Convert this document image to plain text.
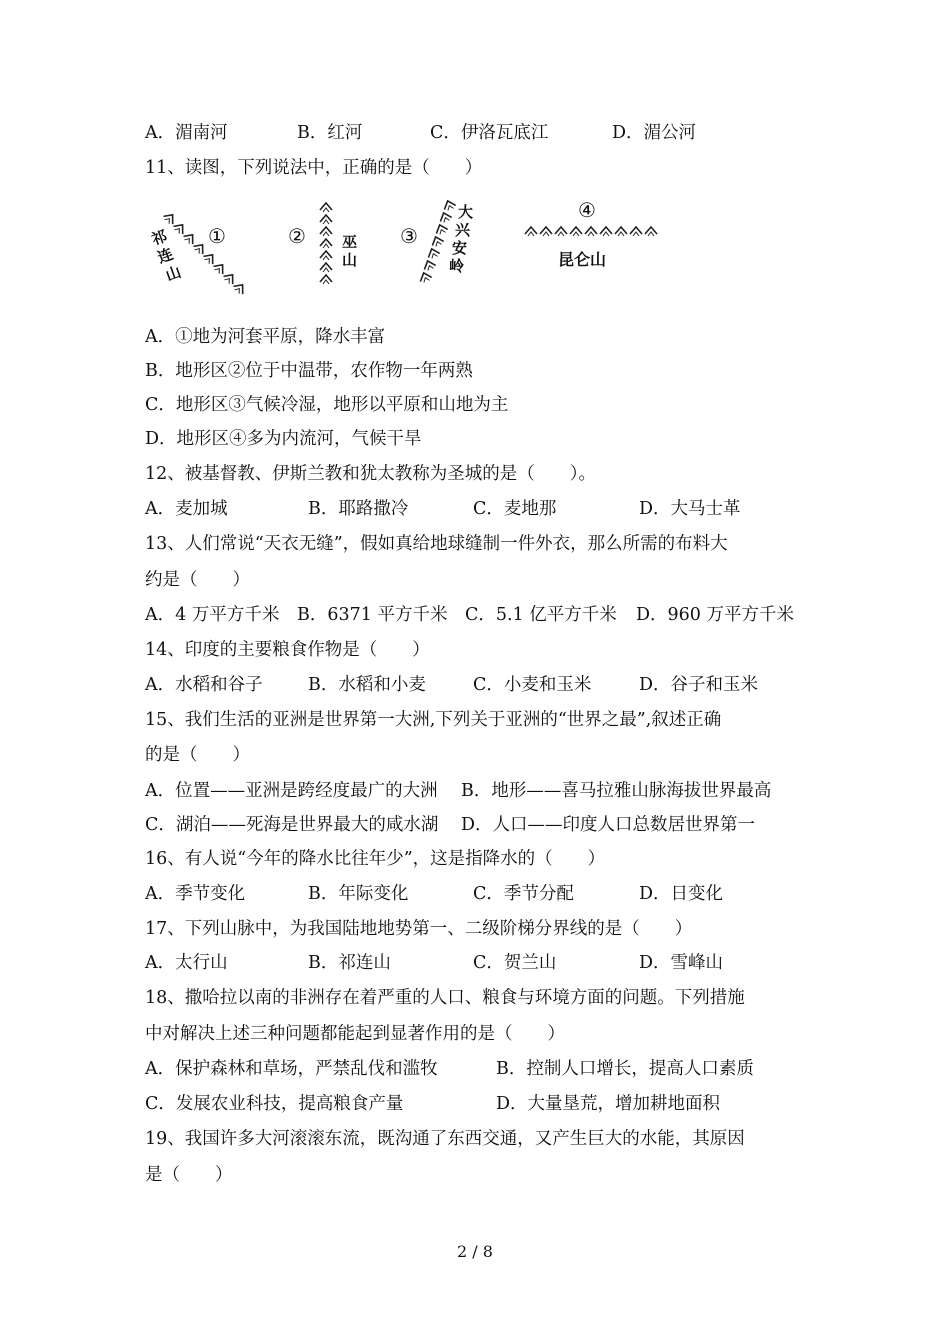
A．湄南河	B．红河	C．伊洛瓦底江	D．湄公河
11、读图，下列说法中，正确的是（　　）
祁
连
山
①	② 巫
山
③
大
兴
安
岭
④
昆仑山
A．①地为河套平原，降水丰富
B．地形区②位于中温带，农作物一年两熟
C．地形区③气候冷湿，地形以平原和山地为主
D．地形区④多为内流河，气候干旱
12、被基督教、伊斯兰教和犹太教称为圣城的是（　　）。
A．麦加城	B．耶路撒冷	C．麦地那	D．大马士革
13、人们常说“天衣无缝”，假如真给地球缝制一件外衣，那么所需的布料大
约是（　　）
A．4 万平方千米 B．6371 平方千米 C．5.1 亿平方千米 D．960 万平方千米
14、印度的主要粮食作物是（　　）
A．水稻和谷子	B．水稻和小麦	C．小麦和玉米	D．谷子和玉米
15、我们生活的亚洲是世界第一大洲,下列关于亚洲的“世界之最”,叙述正确
的是（　　）
A．位置——亚洲是跨经度最广的大洲 B．地形——喜马拉雅山脉海拔世界最高
C．湖泊——死海是世界最大的咸水湖 D．人口——印度人口总数居世界第一
16、有人说“今年的降水比往年少”，这是指降水的（　　）
A．季节变化	B．年际变化	C．季节分配	D．日变化
17、下列山脉中，为我国陆地地势第一、二级阶梯分界线的是（　　）
A．太行山	B．祁连山	C．贺兰山	D．雪峰山
18、撒哈拉以南的非洲存在着严重的人口、粮食与环境方面的问题。下列措施
中对解决上述三种问题都能起到显著作用的是（　　）
A．保护森林和草场，严禁乱伐和滥牧	B．控制人口增长，提高人口素质
C．发展农业科技，提高粮食产量	D．大量垦荒，增加耕地面积
19、我国许多大河滚滚东流，既沟通了东西交通，又产生巨大的水能，其原因
是（　　）
2 / 8
